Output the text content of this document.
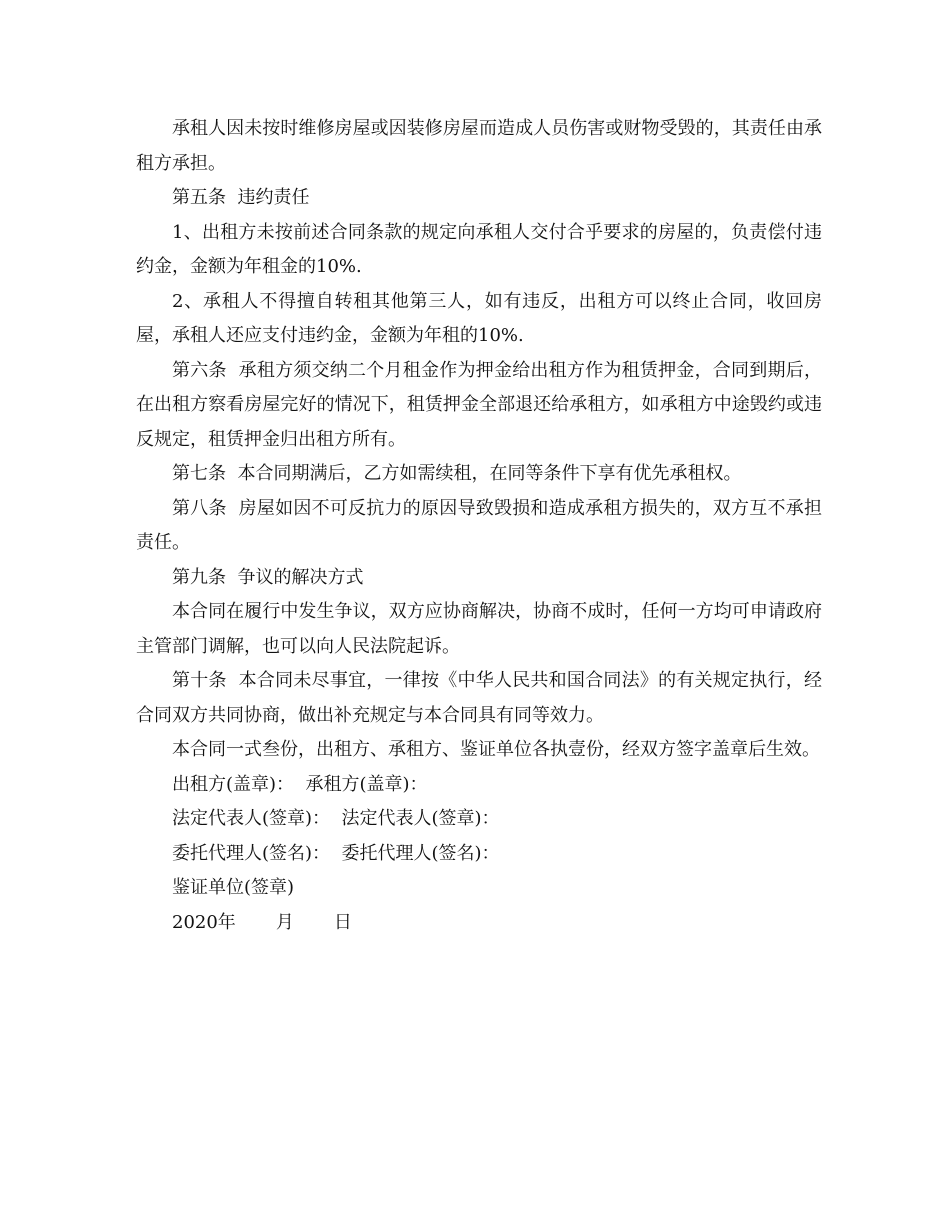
承租人因未按时维修房屋或因装修房屋而造成人员伤害或财物受毁的，其责任由承租方承担。

第五条  违约责任

1、出租方未按前述合同条款的规定向承租人交付合乎要求的房屋的，负责偿付违约金，金额为年租金的10%.

2、承租人不得擅自转租其他第三人，如有违反，出租方可以终止合同，收回房屋，承租人还应支付违约金，金额为年租的10%.

第六条  承租方须交纳二个月租金作为押金给出租方作为租赁押金，合同到期后，在出租方察看房屋完好的情况下，租赁押金全部退还给承租方，如承租方中途毁约或违反规定，租赁押金归出租方所有。

第七条  本合同期满后，乙方如需续租，在同等条件下享有优先承租权。

第八条  房屋如因不可反抗力的原因导致毁损和造成承租方损失的，双方互不承担责任。

第九条  争议的解决方式

本合同在履行中发生争议，双方应协商解决，协商不成时，任何一方均可申请政府主管部门调解，也可以向人民法院起诉。

第十条  本合同未尽事宜，一律按《中华人民共和国合同法》的有关规定执行，经合同双方共同协商，做出补充规定与本合同具有同等效力。

本合同一式叁份，出租方、承租方、鉴证单位各执壹份，经双方签字盖章后生效。

出租方(盖章)：  承租方(盖章)：

法定代表人(签章)：  法定代表人(签章)：

委托代理人(签名)：  委托代理人(签名)：

鉴证单位(签章)

2020年       月       日
